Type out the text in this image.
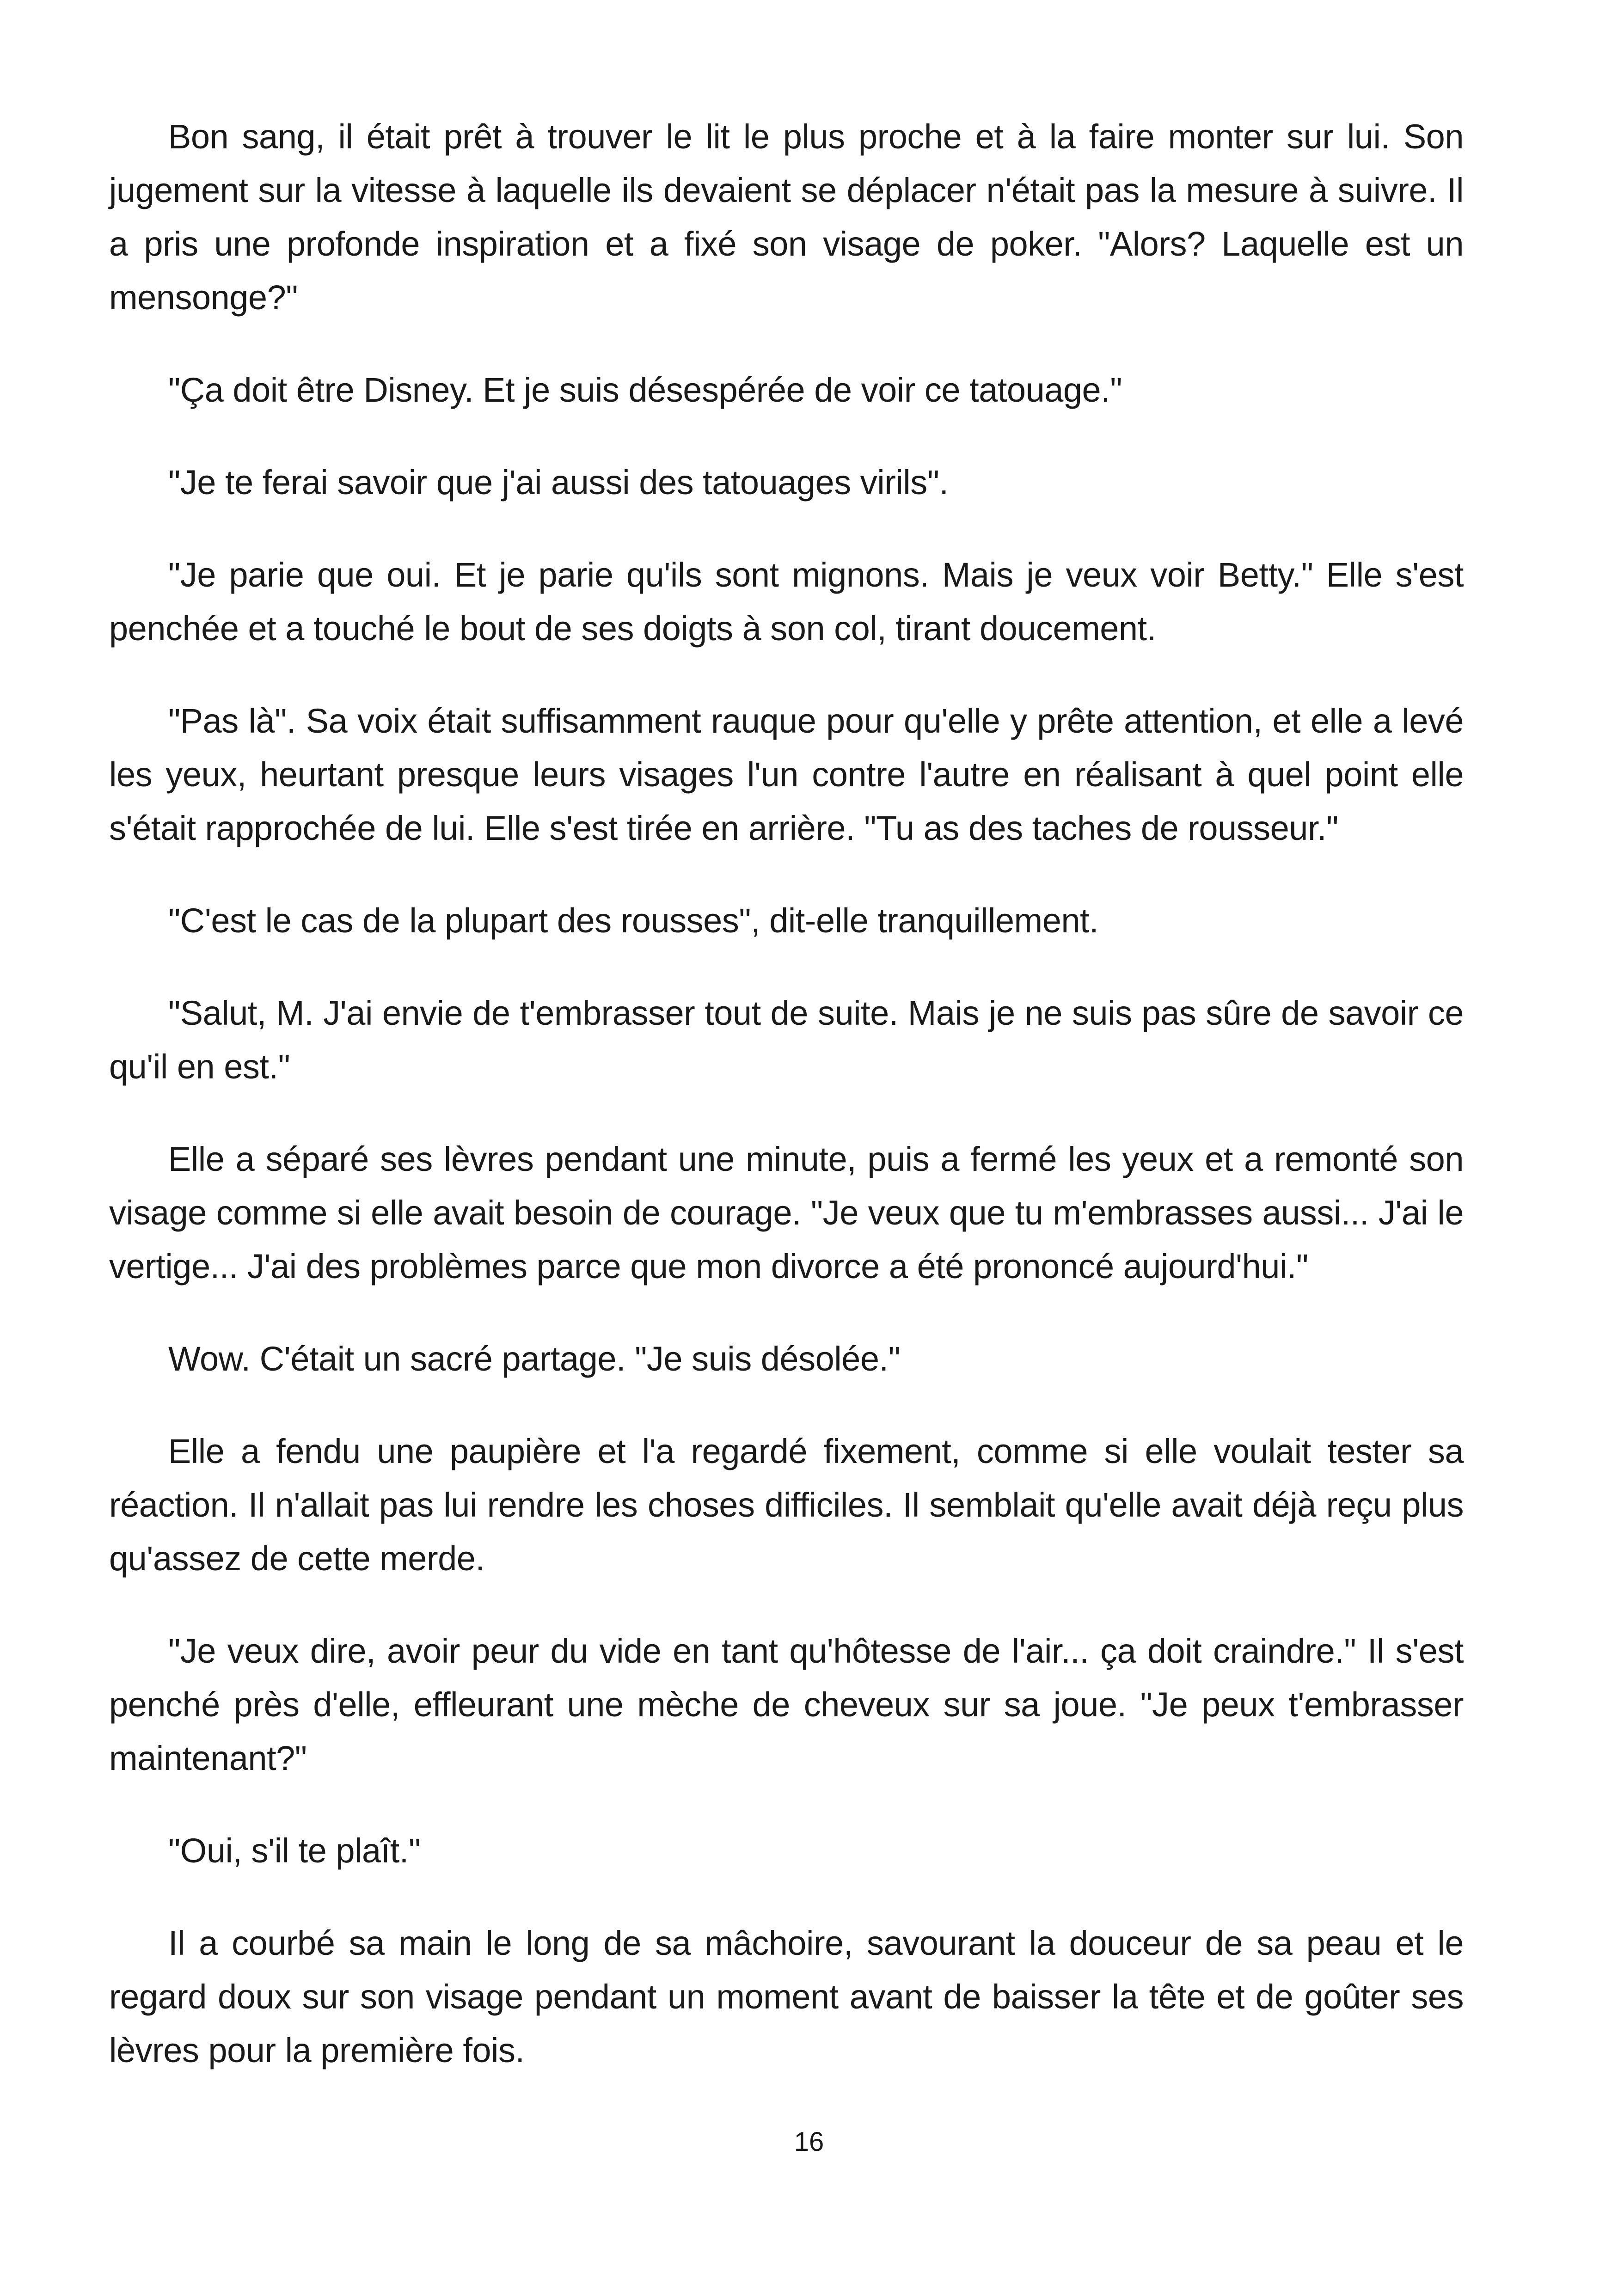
Bon sang, il était prêt à trouver le lit le plus proche et à la faire monter sur lui. Son jugement sur la vitesse à laquelle ils devaient se déplacer n'était pas la mesure à suivre. Il a pris une profonde inspiration et a fixé son visage de poker. "Alors? Laquelle est un mensonge?"

"Ça doit être Disney. Et je suis désespérée de voir ce tatouage."

"Je te ferai savoir que j'ai aussi des tatouages virils".

"Je parie que oui. Et je parie qu'ils sont mignons. Mais je veux voir Betty." Elle s'est penchée et a touché le bout de ses doigts à son col, tirant doucement.

"Pas là". Sa voix était suffisamment rauque pour qu'elle y prête attention, et elle a levé les yeux, heurtant presque leurs visages l'un contre l'autre en réalisant à quel point elle s'était rapprochée de lui. Elle s'est tirée en arrière. "Tu as des taches de rousseur."

"C'est le cas de la plupart des rousses", dit-elle tranquillement.

"Salut, M. J'ai envie de t'embrasser tout de suite. Mais je ne suis pas sûre de savoir ce qu'il en est."

Elle a séparé ses lèvres pendant une minute, puis a fermé les yeux et a remonté son visage comme si elle avait besoin de courage. "Je veux que tu m'embrasses aussi... J'ai le vertige... J'ai des problèmes parce que mon divorce a été prononcé aujourd'hui."

Wow. C'était un sacré partage. "Je suis désolée."

Elle a fendu une paupière et l'a regardé fixement, comme si elle voulait tester sa réaction. Il n'allait pas lui rendre les choses difficiles. Il semblait qu'elle avait déjà reçu plus qu'assez de cette merde.

"Je veux dire, avoir peur du vide en tant qu'hôtesse de l'air... ça doit craindre." Il s'est penché près d'elle, effleurant une mèche de cheveux sur sa joue. "Je peux t'embrasser maintenant?"

"Oui, s'il te plaît."

Il a courbé sa main le long de sa mâchoire, savourant la douceur de sa peau et le regard doux sur son visage pendant un moment avant de baisser la tête et de goûter ses lèvres pour la première fois.

16
